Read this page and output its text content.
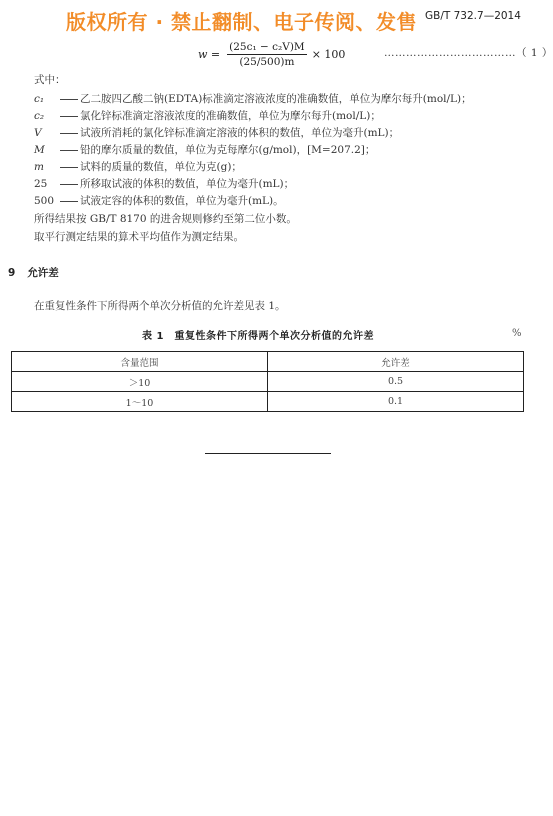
版权所有 · 禁止翻制、电子传阅、发售 GB/T 732.7—2014
$w = \frac{\text{(25c₁ − c₂V)M}}{(25/500)m} \times 100$	………………………………（ 1 ）
式中：
c₁	乙二胺四乙酸二钠(EDTA)标准滴定溶液浓度的准确数值，单位为摩尔每升(mol/L)；
c₂	氯化锌标准滴定溶液浓度的准确数值，单位为摩尔每升(mol/L)；
V	试液所消耗的氯化锌标准滴定溶液的体积的数值，单位为毫升(mL)；
M	铅的摩尔质量的数值，单位为克每摩尔(g/mol)，[M=207.2]；
m	试料的质量的数值，单位为克(g)；
25	所移取试液的体积的数值，单位为毫升(mL)；
500 试液定容的体积的数值，单位为毫升(mL)。
所得结果按 GB/T 8170 的进舍规则修约至第二位小数。
取平行测定结果的算术平均值作为测定结果。
9 允许差
在重复性条件下所得两个单次分析值的允许差见表 1。
表 1　重复性条件下所得两个单次分析值的允许差	%
含量范围	允许差
＞10	0.5
1～10	0.1
